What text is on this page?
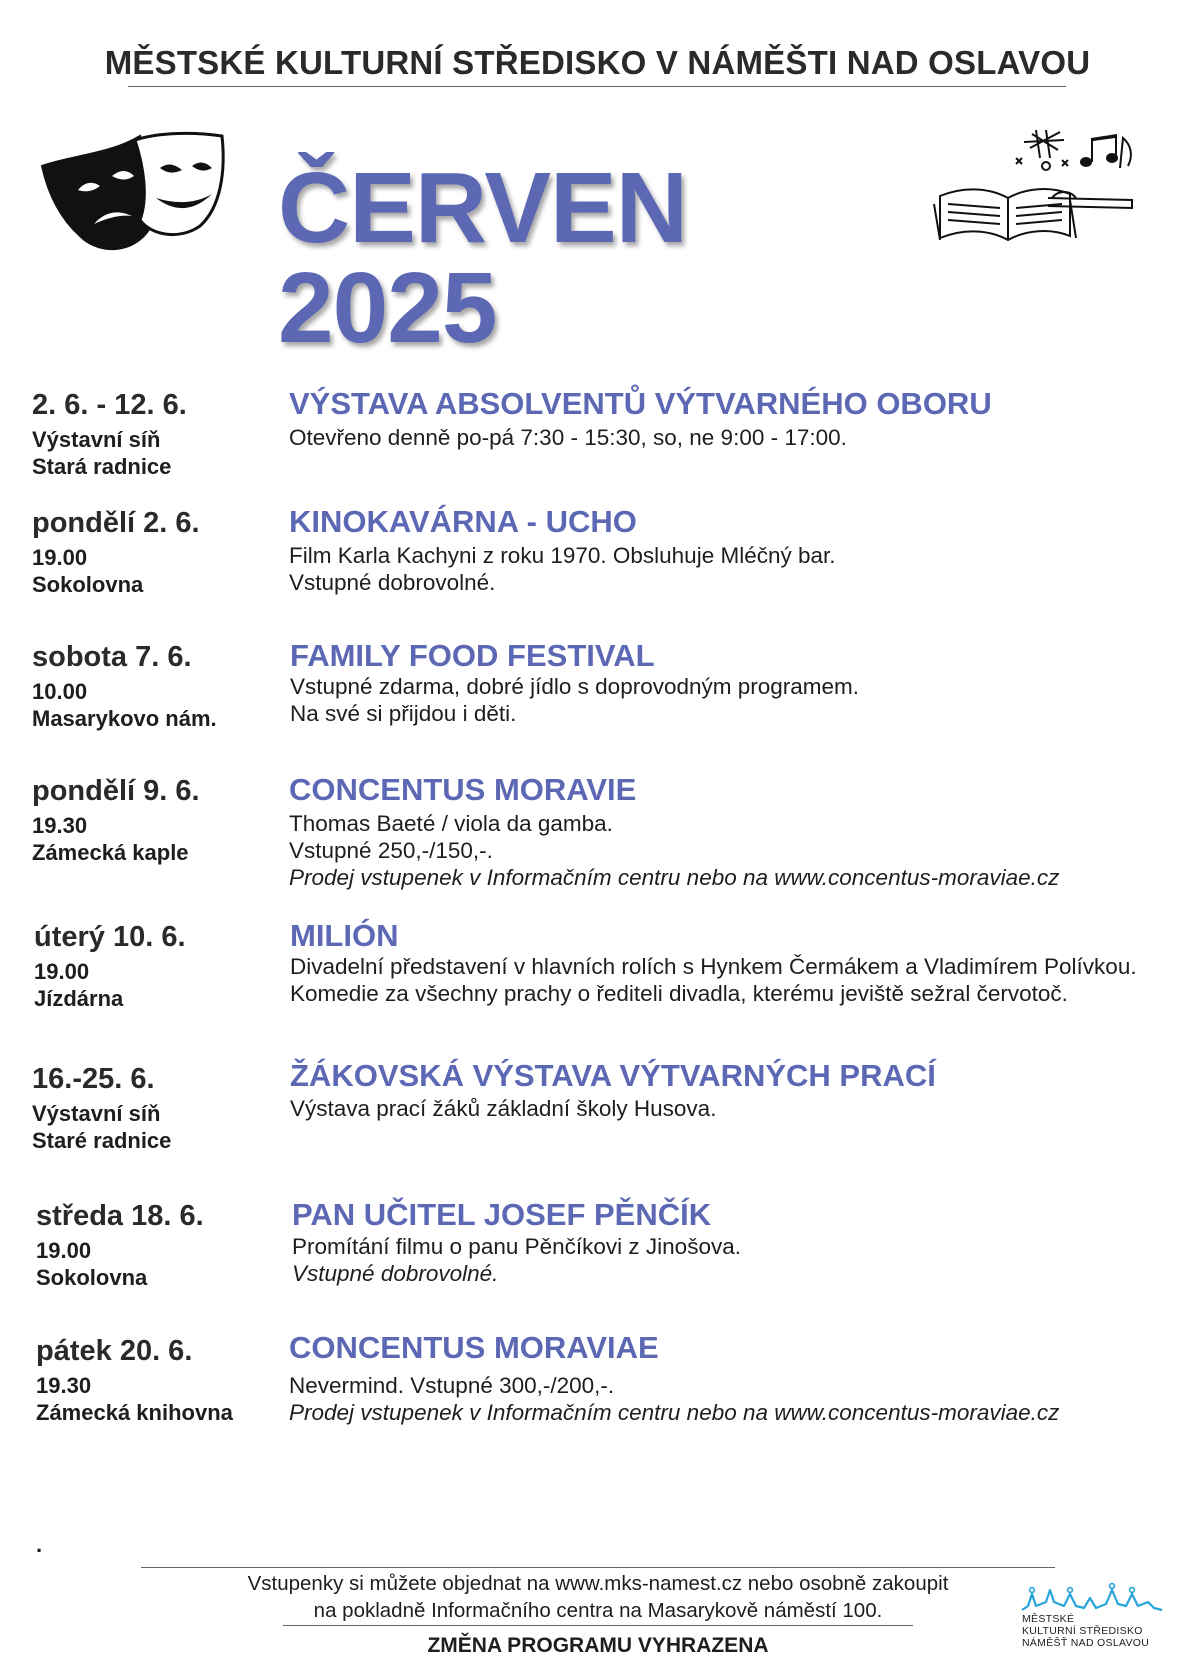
MĚSTSKÉ KULTURNÍ STŘEDISKO V NÁMĚŠTI NAD OSLAVOU
ČERVEN 2025
2. 6. - 12. 6.
Výstavní síň
Stará radnice
VÝSTAVA ABSOLVENTŮ VÝTVARNÉHO OBORU
Otevřeno denně po-pá 7:30 - 15:30, so, ne 9:00 - 17:00.
pondělí 2. 6.
19.00
Sokolovna
KINOKAVÁRNA - UCHO
Film Karla Kachyni z roku 1970. Obsluhuje Mléčný bar.
Vstupné dobrovolné.
sobota 7. 6.
10.00
Masarykovo nám.
FAMILY FOOD FESTIVAL
Vstupné zdarma, dobré jídlo s doprovodným programem.
Na své si přijdou i děti.
pondělí 9. 6.
19.30
Zámecká kaple
CONCENTUS MORAVIE
Thomas Baeté / viola da gamba.
Vstupné 250,-/150,-.
Prodej vstupenek v Informačním centru nebo na www.concentus-moraviae.cz
úterý 10. 6.
19.00
Jízdárna
MILIÓN
Divadelní představení v hlavních rolích s Hynkem Čermákem a Vladimírem Polívkou.
Komedie za všechny prachy o řediteli divadla, kterému jeviště sežral červotoč.
16.-25. 6.
Výstavní síň
Staré radnice
ŽÁKOVSKÁ VÝSTAVA VÝTVARNÝCH PRACÍ
Výstava prací žáků základní školy Husova.
středa 18. 6.
19.00
Sokolovna
PAN UČITEL JOSEF PĚNČÍK
Promítání filmu o panu Pěnčíkovi z Jinošova.
Vstupné dobrovolné.
pátek 20. 6.
19.30
Zámecká knihovna
CONCENTUS MORAVIAE
Nevermind. Vstupné 300,-/200,-.
Prodej vstupenek v Informačním centru nebo na www.concentus-moraviae.cz
.
Vstupenky si můžete objednat na www.mks-namest.cz nebo osobně zakoupit
na pokladně Informačního centra na Masarykově náměstí 100.
ZMĚNA PROGRAMU VYHRAZENA
MĚSTSKÉ
KULTURNÍ STŘEDISKO
NÁMĚŠŤ NAD OSLAVOU
